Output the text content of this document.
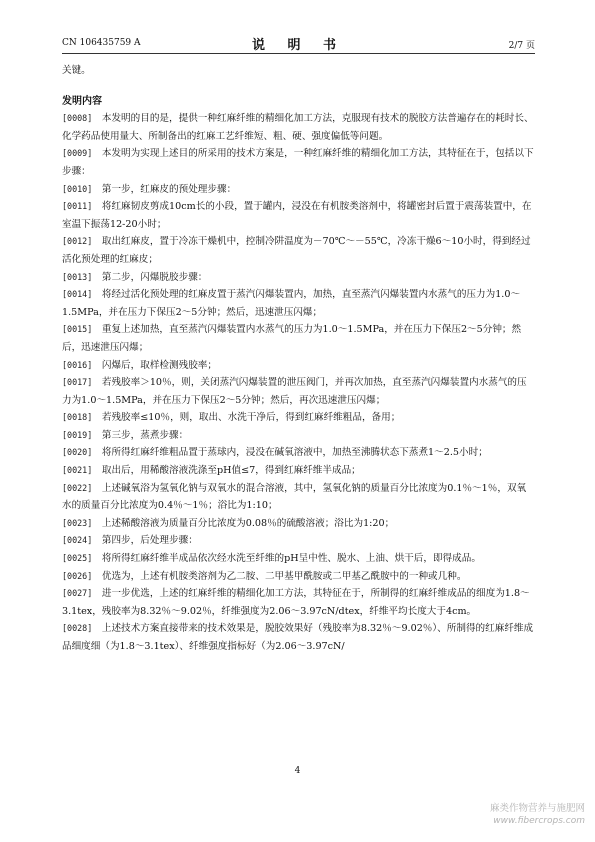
CN 106435759 A	说 明 书	2/7 页
关键。
发明内容
[0008]  本发明的目的是，提供一种红麻纤维的精细化加工方法，克服现有技术的脱胶方法普遍存在的耗时长、化学药品使用量大、所制备出的红麻工艺纤维短、粗、硬、强度偏低等问题。
[0009]  本发明为实现上述目的所采用的技术方案是，一种红麻纤维的精细化加工方法，其特征在于，包括以下步骤：
[0010]  第一步，红麻皮的预处理步骤：
[0011]  将红麻韧皮剪成10cm长的小段，置于罐内，浸没在有机胺类溶剂中，将罐密封后置于震荡装置中，在室温下振荡12-20小时；
[0012]  取出红麻皮，置于冷冻干燥机中，控制冷阱温度为－70℃～－55℃，冷冻干燥6～10小时，得到经过活化预处理的红麻皮；
[0013]  第二步，闪爆脱胶步骤：
[0014]  将经过活化预处理的红麻皮置于蒸汽闪爆装置内，加热，直至蒸汽闪爆装置内水蒸气的压力为1.0～1.5MPa，并在压力下保压2～5分钟；然后，迅速泄压闪爆；
[0015]  重复上述加热，直至蒸汽闪爆装置内水蒸气的压力为1.0～1.5MPa，并在压力下保压2～5分钟；然后，迅速泄压闪爆；
[0016]  闪爆后，取样检测残胶率；
[0017]  若残胶率＞10％，则，关闭蒸汽闪爆装置的泄压阀门，并再次加热，直至蒸汽闪爆装置内水蒸气的压力为1.0～1.5MPa，并在压力下保压2～5分钟；然后，再次迅速泄压闪爆；
[0018]  若残胶率≤10％，则，取出、水洗干净后，得到红麻纤维粗品，备用；
[0019]  第三步，蒸煮步骤：
[0020]  将所得红麻纤维粗品置于蒸球内，浸没在碱氧溶液中，加热至沸腾状态下蒸煮1～2.5小时；
[0021]  取出后，用稀酸溶液洗涤至pH值≤7，得到红麻纤维半成品；
[0022]  上述碱氧浴为氢氧化钠与双氧水的混合溶液，其中，氢氧化钠的质量百分比浓度为0.1％～1％，双氧水的质量百分比浓度为0.4％～1％；浴比为1:10；
[0023]  上述稀酸溶液为质量百分比浓度为0.08％的硫酸溶液；浴比为1:20；
[0024]  第四步，后处理步骤：
[0025]  将所得红麻纤维半成品依次经水洗至纤维的pH呈中性、脱水、上油、烘干后，即得成品。
[0026]  优选为，上述有机胺类溶剂为乙二胺、二甲基甲酰胺或二甲基乙酰胺中的一种或几种。
[0027]  进一步优选，上述的红麻纤维的精细化加工方法，其特征在于，所制得的红麻纤维成品的细度为1.8～3.1tex，残胶率为8.32％～9.02％，纤维强度为2.06～3.97cN/dtex，纤维平均长度大于4cm。
[0028]  上述技术方案直接带来的技术效果是，脱胶效果好（残胶率为8.32％～9.02％）、所制得的红麻纤维成品细度细（为1.8～3.1tex）、纤维强度指标好（为2.06～3.97cN/
4
麻类作物营养与施肥网
www.fibercrops.com
